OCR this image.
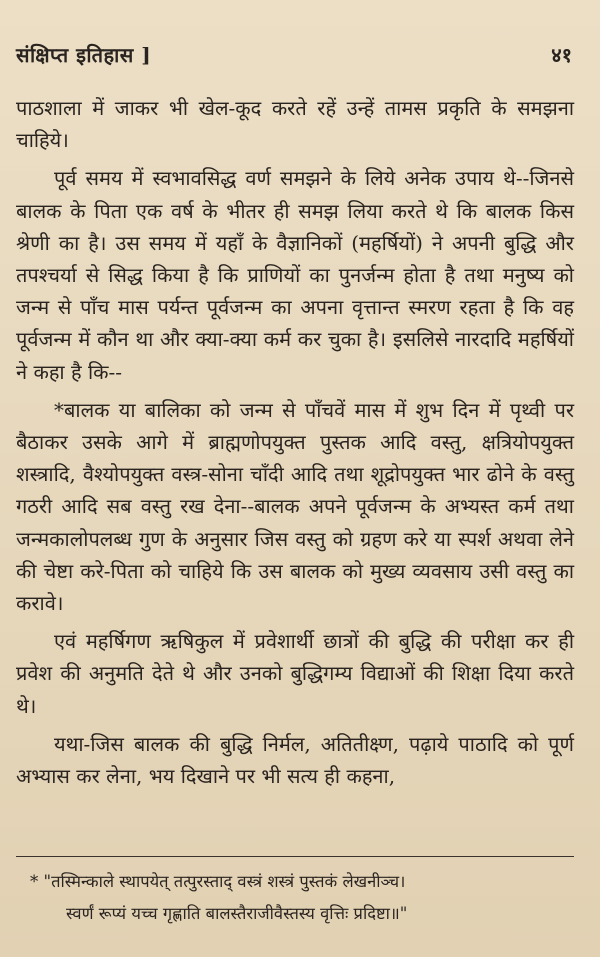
संक्षिप्त इतिहास ]	४१

पाठशाला में जाकर भी खेल-कूद करते रहें उन्हें तामस प्रकृति के समझना चाहिये।

पूर्व समय में स्वभावसिद्ध वर्ण समझने के लिये अनेक उपाय थे--जिनसे बालक के पिता एक वर्ष के भीतर ही समझ लिया करते थे कि बालक किस श्रेणी का है। उस समय में यहाँ के वैज्ञानिकों (महर्षियों) ने अपनी बुद्धि और तपश्चर्या से सिद्ध किया है कि प्राणियों का पुनर्जन्म होता है तथा मनुष्य को जन्म से पाँच मास पर्यन्त पूर्वजन्म का अपना वृत्तान्त स्मरण रहता है कि वह पूर्वजन्म में कौन था और क्या-क्या कर्म कर चुका है। इसलिसे नारदादि महर्षियों ने कहा है कि--

*बालक या बालिका को जन्म से पाँचवें मास में शुभ दिन में पृथ्वी पर बैठाकर उसके आगे में ब्राह्मणोपयुक्त पुस्तक आदि वस्तु, क्षत्रियोपयुक्त शस्त्रादि, वैश्योपयुक्त वस्त्र-सोना चाँदी आदि तथा शूद्रोपयुक्त भार ढोने के वस्तु गठरी आदि सब वस्तु रख देना--बालक अपने पूर्वजन्म के अभ्यस्त कर्म तथा जन्मकालोपलब्ध गुण के अनुसार जिस वस्तु को ग्रहण करे या स्पर्श अथवा लेने की चेष्टा करे-पिता को चाहिये कि उस बालक को मुख्य व्यवसाय उसी वस्तु का करावे।

एवं महर्षिगण ऋषिकुल में प्रवेशार्थी छात्रों की बुद्धि की परीक्षा कर ही प्रवेश की अनुमति देते थे और उनको बुद्धिगम्य विद्याओं की शिक्षा दिया करते थे।

यथा-जिस बालक की बुद्धि निर्मल, अतितीक्ष्ण, पढ़ाये पाठादि को पूर्ण अभ्यास कर लेना, भय दिखाने पर भी सत्य ही कहना,

* "तस्मिन्काले स्थापयेत् तत्पुरस्ताद् वस्त्रं शस्त्रं पुस्तकं लेखनीञ्च।
स्वर्णं रूप्यं यच्च गृह्णाति बालस्तैराजीवैस्तस्य वृत्तिः प्रदिष्टा॥"
